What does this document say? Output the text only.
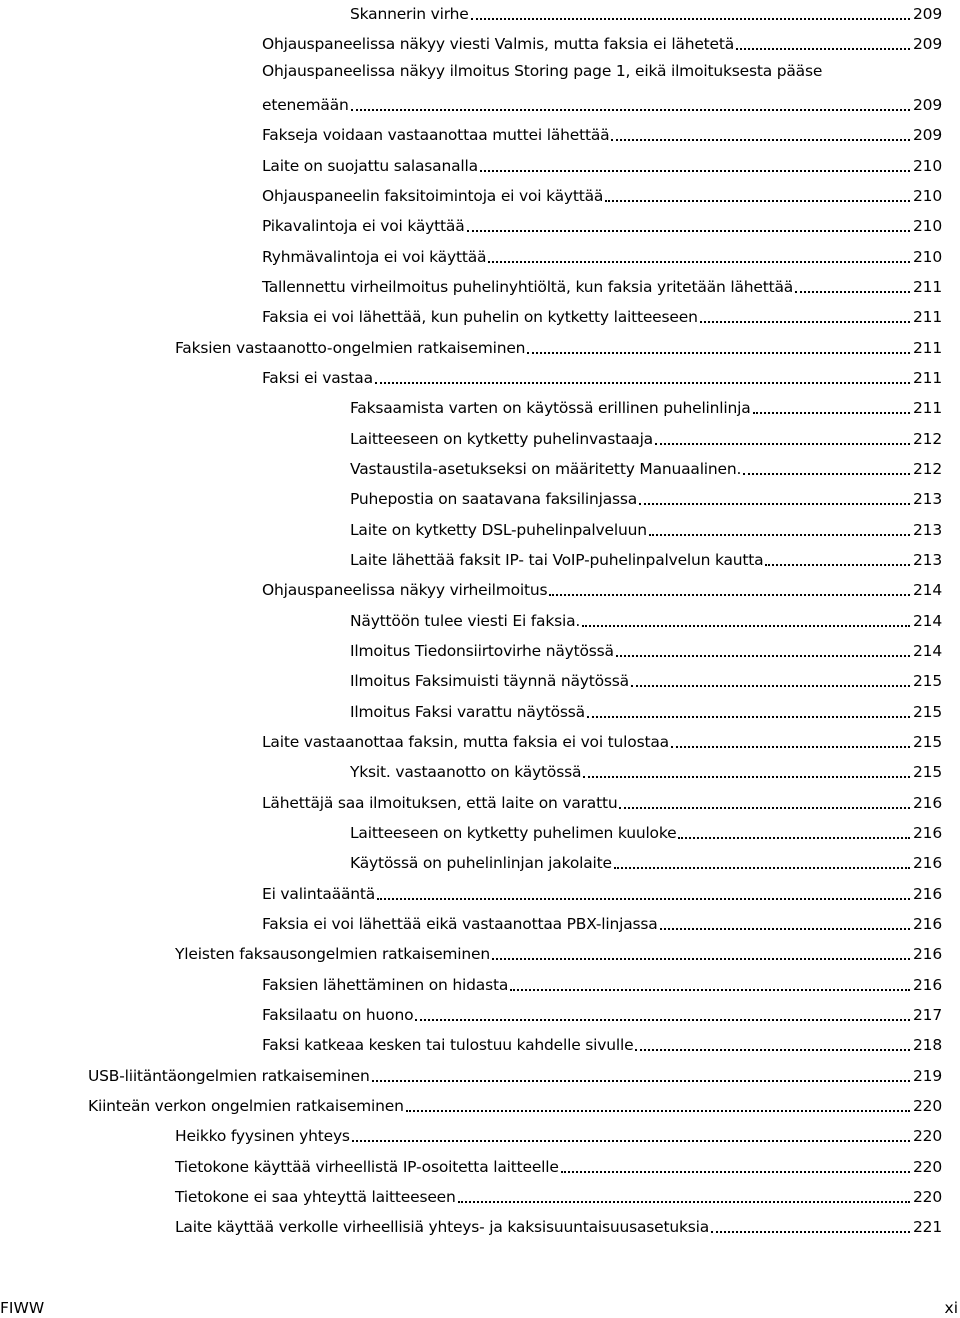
Skannerin virhe	209
Ohjauspaneelissa näkyy viesti Valmis, mutta faksia ei lähetetä	209
Ohjauspaneelissa näkyy ilmoitus Storing page 1, eikä ilmoituksesta pääse
etenemään	209
Fakseja voidaan vastaanottaa muttei lähettää	209
Laite on suojattu salasanalla	210
Ohjauspaneelin faksitoimintoja ei voi käyttää	210
Pikavalintoja ei voi käyttää	210
Ryhmävalintoja ei voi käyttää	210
Tallennettu virheilmoitus puhelinyhtiöltä, kun faksia yritetään lähettää	211
Faksia ei voi lähettää, kun puhelin on kytketty laitteeseen	211
Faksien vastaanotto-ongelmien ratkaiseminen	211
Faksi ei vastaa	211
Faksaamista varten on käytössä erillinen puhelinlinja	211
Laitteeseen on kytketty puhelinvastaaja	212
Vastaustila-asetukseksi on määritetty Manuaalinen.	212
Puhepostia on saatavana faksilinjassa	213
Laite on kytketty DSL-puhelinpalveluun	213
Laite lähettää faksit IP- tai VoIP-puhelinpalvelun kautta	213
Ohjauspaneelissa näkyy virheilmoitus	214
Näyttöön tulee viesti Ei faksia.	214
Ilmoitus Tiedonsiirtovirhe näytössä	214
Ilmoitus Faksimuisti täynnä näytössä	215
Ilmoitus Faksi varattu näytössä	215
Laite vastaanottaa faksin, mutta faksia ei voi tulostaa	215
Yksit. vastaanotto on käytössä	215
Lähettäjä saa ilmoituksen, että laite on varattu	216
Laitteeseen on kytketty puhelimen kuuloke	216
Käytössä on puhelinlinjan jakolaite	216
Ei valintaääntä	216
Faksia ei voi lähettää eikä vastaanottaa PBX-linjassa	216
Yleisten faksausongelmien ratkaiseminen	216
Faksien lähettäminen on hidasta	216
Faksilaatu on huono	217
Faksi katkeaa kesken tai tulostuu kahdelle sivulle	218
USB-liitäntäongelmien ratkaiseminen	219
Kiinteän verkon ongelmien ratkaiseminen	220
Heikko fyysinen yhteys	220
Tietokone käyttää virheellistä IP-osoitetta laitteelle	220
Tietokone ei saa yhteyttä laitteeseen	220
Laite käyttää verkolle virheellisiä yhteys- ja kaksisuuntaisuusasetuksia	221
FIWW	xi
